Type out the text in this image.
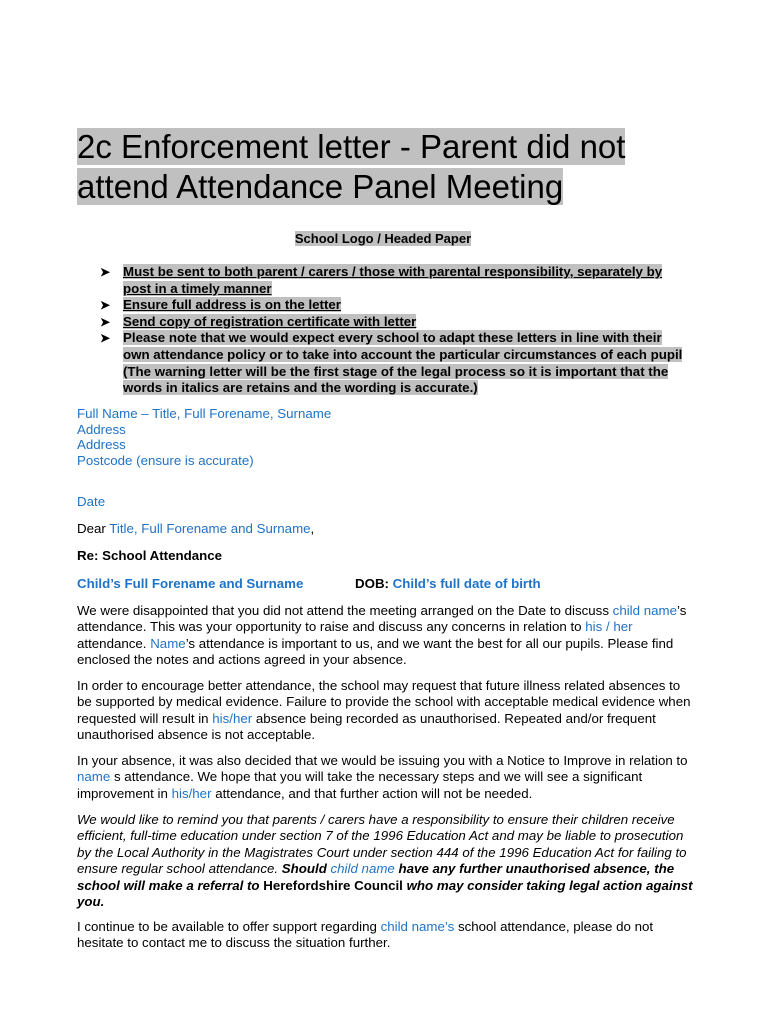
2c Enforcement letter - Parent did not attend Attendance Panel Meeting
School Logo / Headed Paper
➤ Must be sent to both parent / carers / those with parental responsibility, separately by post in a timely manner
➤ Ensure full address is on the letter
➤ Send copy of registration certificate with letter
➤ Please note that we would expect every school to adapt these letters in line with their own attendance policy or to take into account the particular circumstances of each pupil (The warning letter will be the first stage of the legal process so it is important that the words in italics are retains and the wording is accurate.)
Full Name – Title, Full Forename, Surname
Address
Address
Postcode (ensure is accurate)
Date
Dear Title, Full Forename and Surname,
Re: School Attendance
Child’s Full Forename and Surname	DOB: Child’s full date of birth
We were disappointed that you did not attend the meeting arranged on the Date to discuss child name’s attendance. This was your opportunity to raise and discuss any concerns in relation to his / her attendance. Name’s attendance is important to us, and we want the best for all our pupils. Please find enclosed the notes and actions agreed in your absence.
In order to encourage better attendance, the school may request that future illness related absences to be supported by medical evidence. Failure to provide the school with acceptable medical evidence when requested will result in his/her absence being recorded as unauthorised. Repeated and/or frequent unauthorised absence is not acceptable.
In your absence, it was also decided that we would be issuing you with a Notice to Improve in relation to name s attendance. We hope that you will take the necessary steps and we will see a significant improvement in his/her attendance, and that further action will not be needed.
We would like to remind you that parents / carers have a responsibility to ensure their children receive efficient, full-time education under section 7 of the 1996 Education Act and may be liable to prosecution by the Local Authority in the Magistrates Court under section 444 of the 1996 Education Act for failing to ensure regular school attendance. Should child name have any further unauthorised absence, the school will make a referral to Herefordshire Council who may consider taking legal action against you.
I continue to be available to offer support regarding child name’s school attendance, please do not hesitate to contact me to discuss the situation further.
